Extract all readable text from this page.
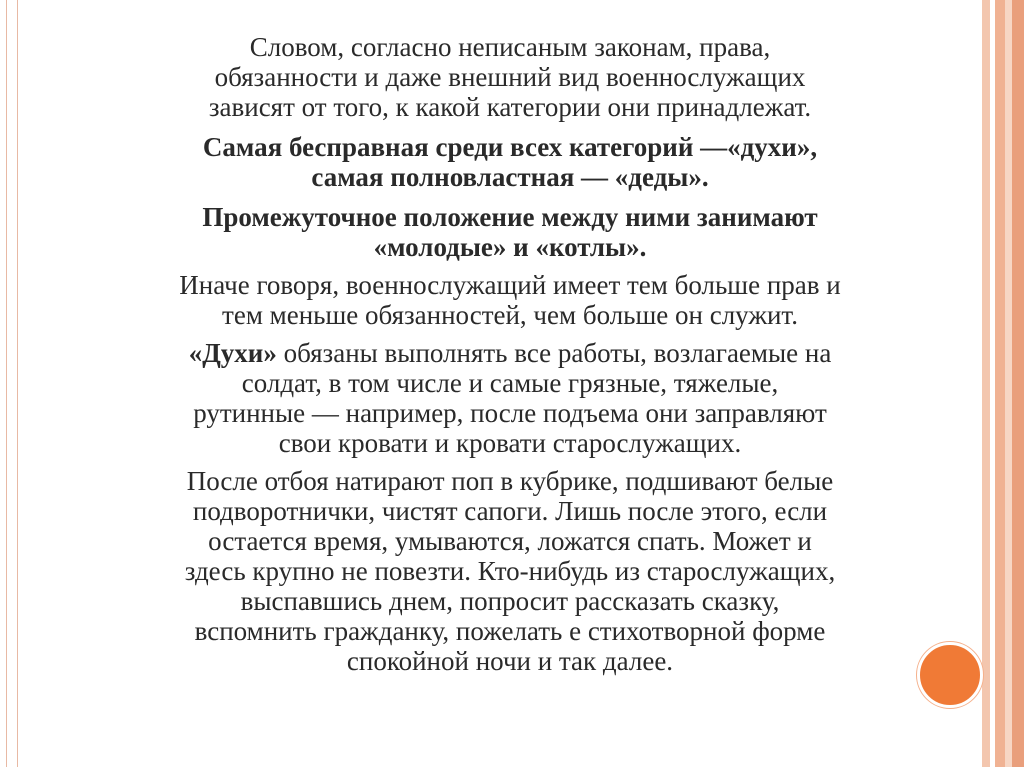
Словом, согласно неписаным законам, права,
обязанности и даже внешний вид военнослужащих
зависят от того, к какой категории они принадлежат.

Самая бесправная среди всех категорий —«духи»,
самая полновластная — «деды».

Промежуточное положение между ними занимают
«молодые» и «котлы».

Иначе говоря, военнослужащий имеет тем больше прав и
тем меньше обязанностей, чем больше он служит.

«Духи» обязаны выполнять все работы, возлагаемые на
солдат, в том числе и самые грязные, тяжелые,
рутинные — например, после подъема они заправляют
свои кровати и кровати старослужащих.

После отбоя натирают поп в кубрике, подшивают белые
подворотнички, чистят сапоги. Лишь после этого, если
остается время, умываются, ложатся спать. Может и
здесь крупно не повезти. Кто-нибудь из старослужащих,
выспавшись днем, попросит рассказать сказку,
вспомнить гражданку, пожелать е стихотворной форме
спокойной ночи и так далее.
